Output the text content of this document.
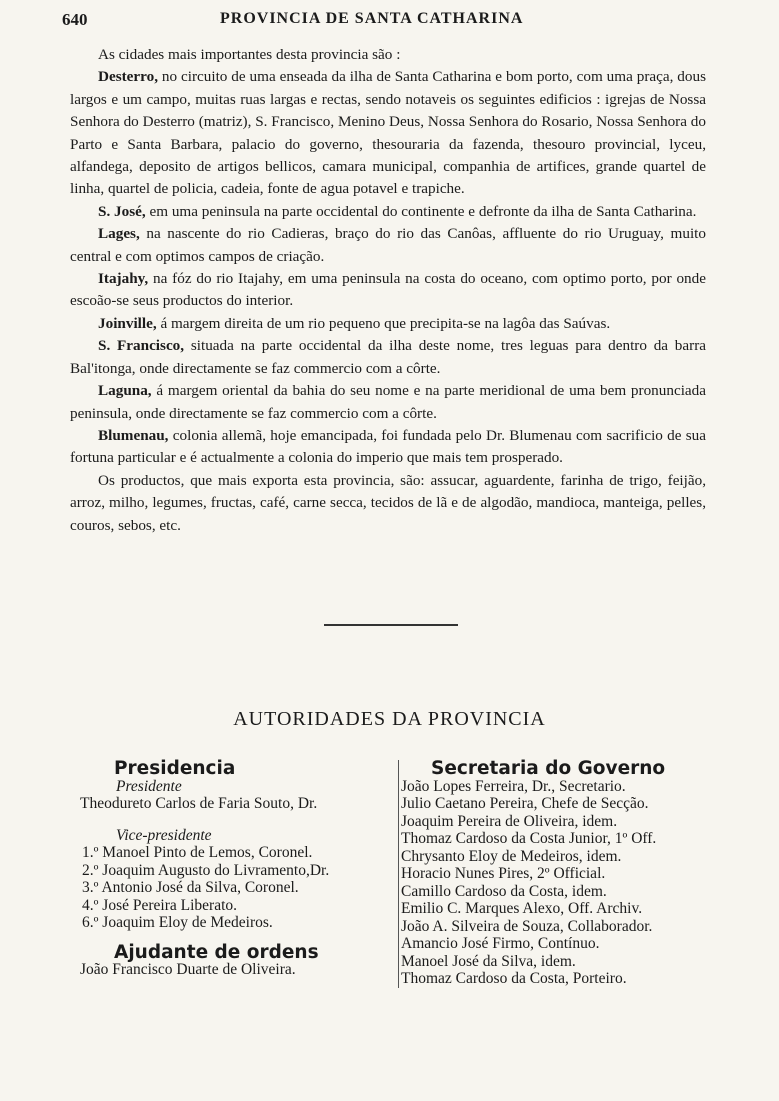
640	PROVINCIA DE SANTA CATHARINA

As cidades mais importantes desta provincia são :

Desterro, no circuito de uma enseada da ilha de Santa Catharina e bom porto, com uma praça, dous largos e um campo, muitas ruas largas e rectas, sendo notaveis os seguintes edificios : igrejas de Nossa Senhora do Desterro (matriz), S. Francisco, Menino Deus, Nossa Senhora do Rosario, Nossa Senhora do Parto e Santa Barbara, palacio do governo, thesouraria da fazenda, thesouro provincial, lyceu, alfandega, deposito de artigos bellicos, camara municipal, companhia de artifices, grande quartel de linha, quartel de policia, cadeia, fonte de agua potavel e trapiche.

S. José, em uma peninsula na parte occidental do continente e defronte da ilha de Santa Catharina.

Lages, na nascente do rio Cadieras, braço do rio das Canôas, affluente do rio Uruguay, muito central e com optimos campos de criação.

Itajahy, na fóz do rio Itajahy, em uma peninsula na costa do oceano, com optimo porto, por onde escoão-se seus productos do interior.

Joinville, á margem direita de um rio pequeno que precipita-se na lagôa das Saúvas.

S. Francisco, situada na parte occidental da ilha deste nome, tres leguas para dentro da barra Bal'itonga, onde directamente se faz commercio com a côrte.

Laguna, á margem oriental da bahia do seu nome e na parte meridional de uma bem pronunciada peninsula, onde directamente se faz commercio com a côrte.

Blumenau, colonia allemã, hoje emancipada, foi fundada pelo Dr. Blumenau com sacrificio de sua fortuna particular e é actualmente a colonia do imperio que mais tem prosperado.

Os productos, que mais exporta esta provincia, são: assucar, aguardente, farinha de trigo, feijão, arroz, milho, legumes, fructas, café, carne secca, tecidos de lã e de algodão, mandioca, manteiga, pelles, couros, sebos, etc.

AUTORIDADES DA PROVINCIA
Presidencia
Presidente
Theodureto Carlos de Faria Souto, Dr.
Vice-presidente
1.º Manoel Pinto de Lemos, Coronel.
2.º Joaquim Augusto do Livramento,Dr.
3.º Antonio José da Silva, Coronel.
4.º José Pereira Liberato.
6.º Joaquim Eloy de Medeiros.
Ajudante de ordens
João Francisco Duarte de Oliveira.
Secretaria do Governo
João Lopes Ferreira, Dr., Secretario.
Julio Caetano Pereira, Chefe de Secção.
Joaquim Pereira de Oliveira, idem.
Thomaz Cardoso da Costa Junior, 1º Off.
Chrysanto Eloy de Medeiros, idem.
Horacio Nunes Pires, 2º Official.
Camillo Cardoso da Costa, idem.
Emilio C. Marques Alexo, Off. Archiv.
João A. Silveira de Souza, Collaborador.
Amancio José Firmo, Contínuo.
Manoel José da Silva, idem.
Thomaz Cardoso da Costa, Porteiro.
